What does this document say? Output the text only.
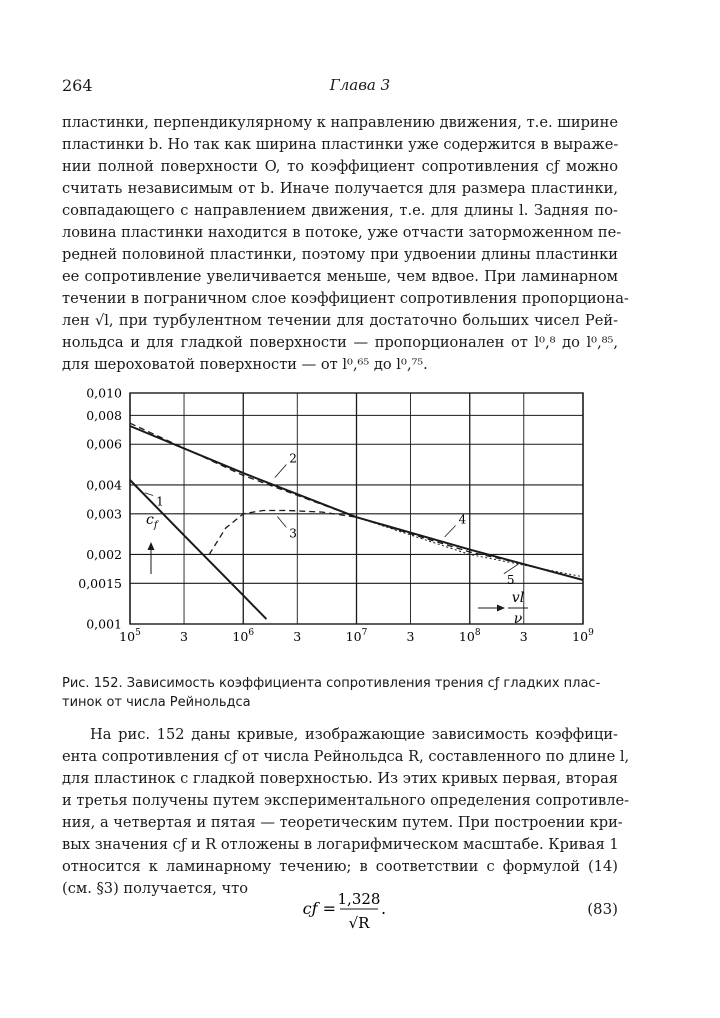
264	Глава 3
пластинки, перпендикулярному к направлению движения, т.е. ширине
пластинки b. Но так как ширина пластинки уже содержится в выраже-
нии полной поверхности O, то коэффициент сопротивления cƒ можно
считать независимым от b. Иначе получается для размера пластинки,
совпадающего с направлением движения, т.е. для длины l. Задняя по-
ловина пластинки находится в потоке, уже отчасти заторможенном пе-
редней половиной пластинки, поэтому при удвоении длины пластинки
ее сопротивление увеличивается меньше, чем вдвое. При ламинарном
течении в пограничном слое коэффициент сопротивления пропорциона-
лен √l, при турбулентном течении для достаточно больших чисел Рей-
нольдса и для гладкой поверхности — пропорционален от l⁰‚⁸ до l⁰‚⁸⁵,
для шероховатой поверхности — от l⁰‚⁶⁵ до l⁰‚⁷⁵.
$10^5$	3	$10^6$	3	$10^7$	3	$10^8$	3	$10^9$
0,010
0,008
0,006
0,004
0,003
0,002
0,0015
0,001
1
2
3
4
5
$c_f$
vl
ν
Рис. 152. Зависимость коэффициента сопротивления трения cƒ гладких плас-
тинок от числа Рейнольдса
На рис. 152 даны кривые, изображающие зависимость коэффици-
ента сопротивления cƒ от числа Рейнольдса R, составленного по длине l,
для пластинок с гладкой поверхностью. Из этих кривых первая, вторая
и третья получены путем экспериментального определения сопротивле-
ния, а четвертая и пятая — теоретическим путем. При построении кри-
вых значения cƒ и R отложены в логарифмическом масштабе. Кривая 1
относится к ламинарному течению; в соответствии с формулой (14)
(см. §3) получается, что
cƒ = 1,328
√R
.	(83)
